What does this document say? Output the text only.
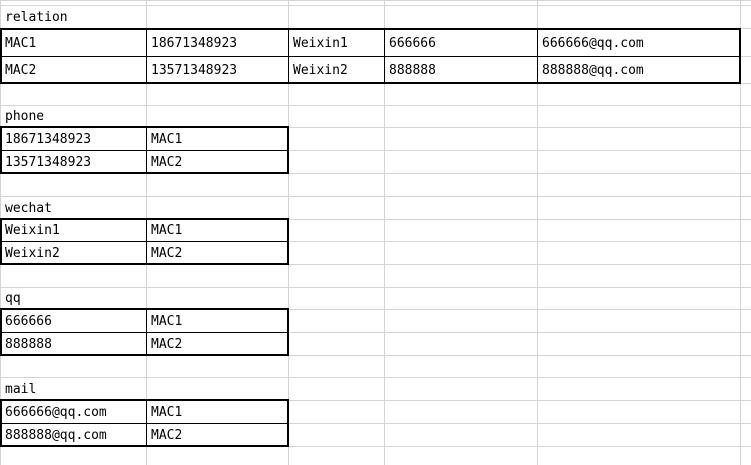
relation
MAC1	18671348923	Weixin1	666666	666666@qq.com
MAC2	13571348923	Weixin2	888888	888888@qq.com
phone
18671348923	MAC1
13571348923	MAC2
wechat
Weixin1	MAC1
Weixin2	MAC2
qq
666666	MAC1
888888	MAC2
mail
666666@qq.com	MAC1
888888@qq.com	MAC2
